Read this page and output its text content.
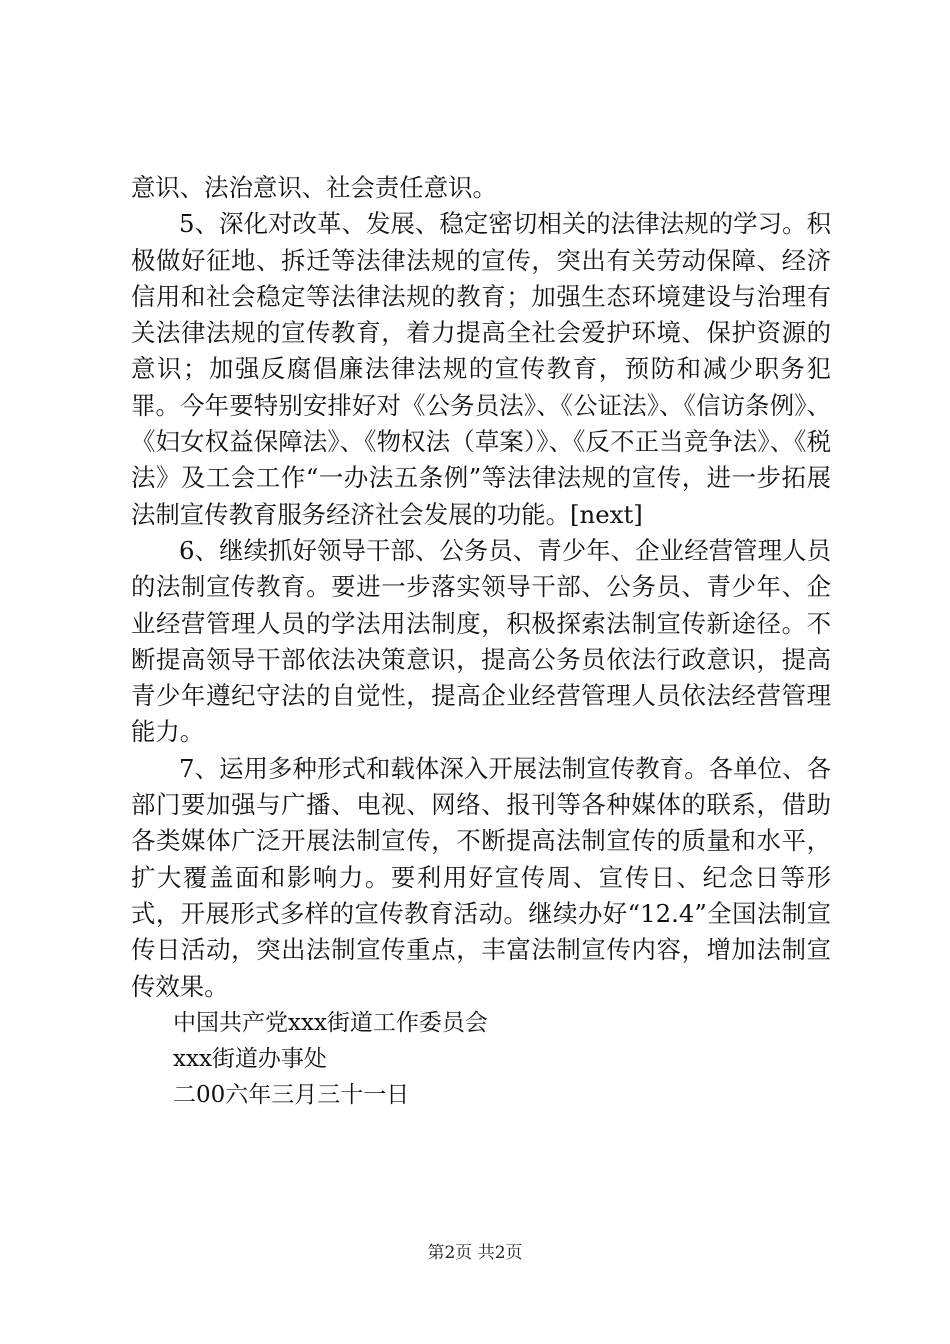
意识、法治意识、社会责任意识。

5、深化对改革、发展、稳定密切相关的法律法规的学习。积极做好征地、拆迁等法律法规的宣传，突出有关劳动保障、经济信用和社会稳定等法律法规的教育；加强生态环境建设与治理有关法律法规的宣传教育，着力提高全社会爱护环境、保护资源的意识；加强反腐倡廉法律法规的宣传教育，预防和减少职务犯罪。今年要特别安排好对《公务员法》、《公证法》、《信访条例》、《妇女权益保障法》、《物权法（草案）》、《反不正当竞争法》、《税法》及工会工作“一办法五条例”等法律法规的宣传，进一步拓展法制宣传教育服务经济社会发展的功能。[next]

6、继续抓好领导干部、公务员、青少年、企业经营管理人员的法制宣传教育。要进一步落实领导干部、公务员、青少年、企业经营管理人员的学法用法制度，积极探索法制宣传新途径。不断提高领导干部依法决策意识，提高公务员依法行政意识，提高青少年遵纪守法的自觉性，提高企业经营管理人员依法经营管理能力。

7、运用多种形式和载体深入开展法制宣传教育。各单位、各部门要加强与广播、电视、网络、报刊等各种媒体的联系，借助各类媒体广泛开展法制宣传，不断提高法制宣传的质量和水平，扩大覆盖面和影响力。要利用好宣传周、宣传日、纪念日等形式，开展形式多样的宣传教育活动。继续办好“12.4”全国法制宣传日活动，突出法制宣传重点，丰富法制宣传内容，增加法制宣传效果。

中国共产党xxx街道工作委员会

xxx街道办事处

二00六年三月三十一日

第2页 共2页
